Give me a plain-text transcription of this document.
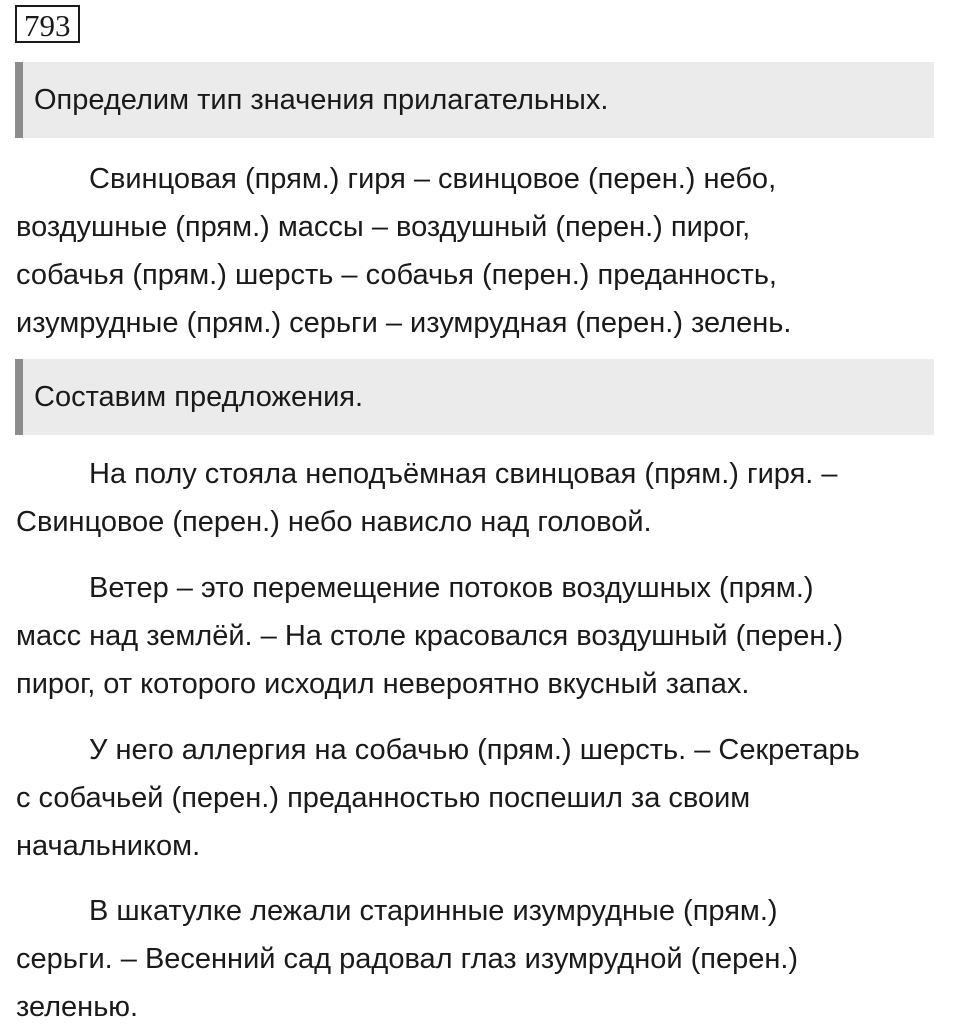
793
Определим тип значения прилагательных.
Свинцовая (прям.) гиря – свинцовое (перен.) небо,
воздушные (прям.) массы – воздушный (перен.) пирог,
собачья (прям.) шерсть – собачья (перен.) преданность,
изумрудные (прям.) серьги – изумрудная (перен.) зелень.
Составим предложения.
На полу стояла неподъёмная свинцовая (прям.) гиря. –
Свинцовое (перен.) небо нависло над головой.
Ветер – это перемещение потоков воздушных (прям.)
масс над землёй. – На столе красовался воздушный (перен.)
пирог, от которого исходил невероятно вкусный запах.
У него аллергия на собачью (прям.) шерсть. – Секретарь
с собачьей (перен.) преданностью поспешил за своим
начальником.
В шкатулке лежали старинные изумрудные (прям.)
серьги. – Весенний сад радовал глаз изумрудной (перен.)
зеленью.
